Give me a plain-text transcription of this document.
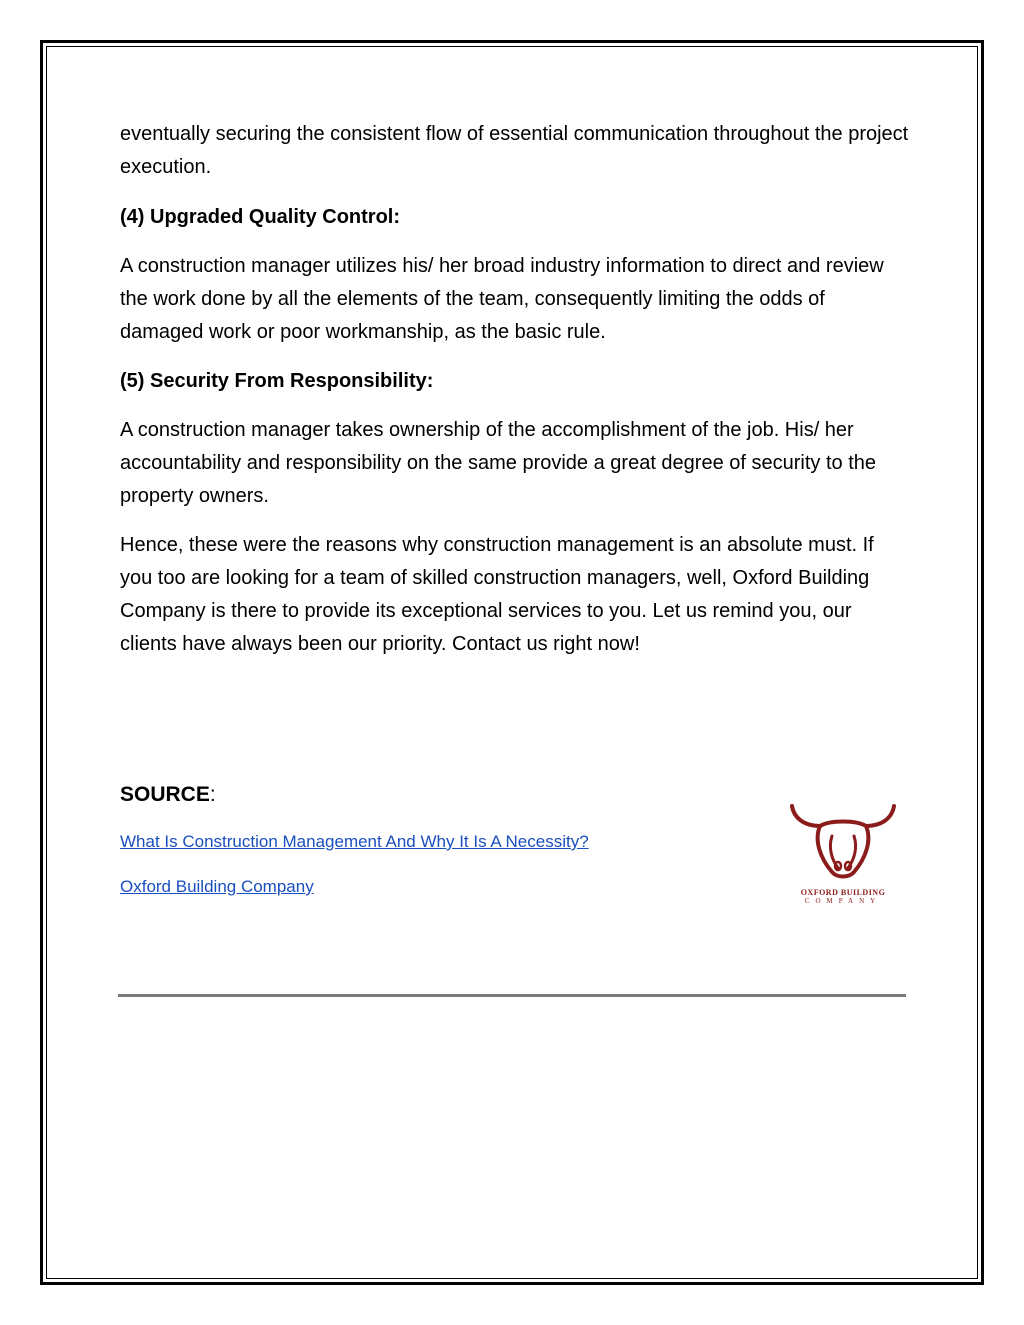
eventually securing the consistent flow of essential communication throughout the project execution.

(4) Upgraded Quality Control:

A construction manager utilizes his/ her broad industry information to direct and review the work done by all the elements of the team, consequently limiting the odds of damaged work or poor workmanship, as the basic rule.

(5) Security From Responsibility:

A construction manager takes ownership of the accomplishment of the job. His/ her accountability and responsibility on the same provide a great degree of security to the property owners.

Hence, these were the reasons why construction management is an absolute must. If you too are looking for a team of skilled construction managers, well, Oxford Building Company is there to provide its exceptional services to you. Let us remind you, our clients have always been our priority. Contact us right now!

SOURCE:
What Is Construction Management And Why It Is A Necessity?
Oxford Building Company	OXFORD BUILDING
COMPANY
